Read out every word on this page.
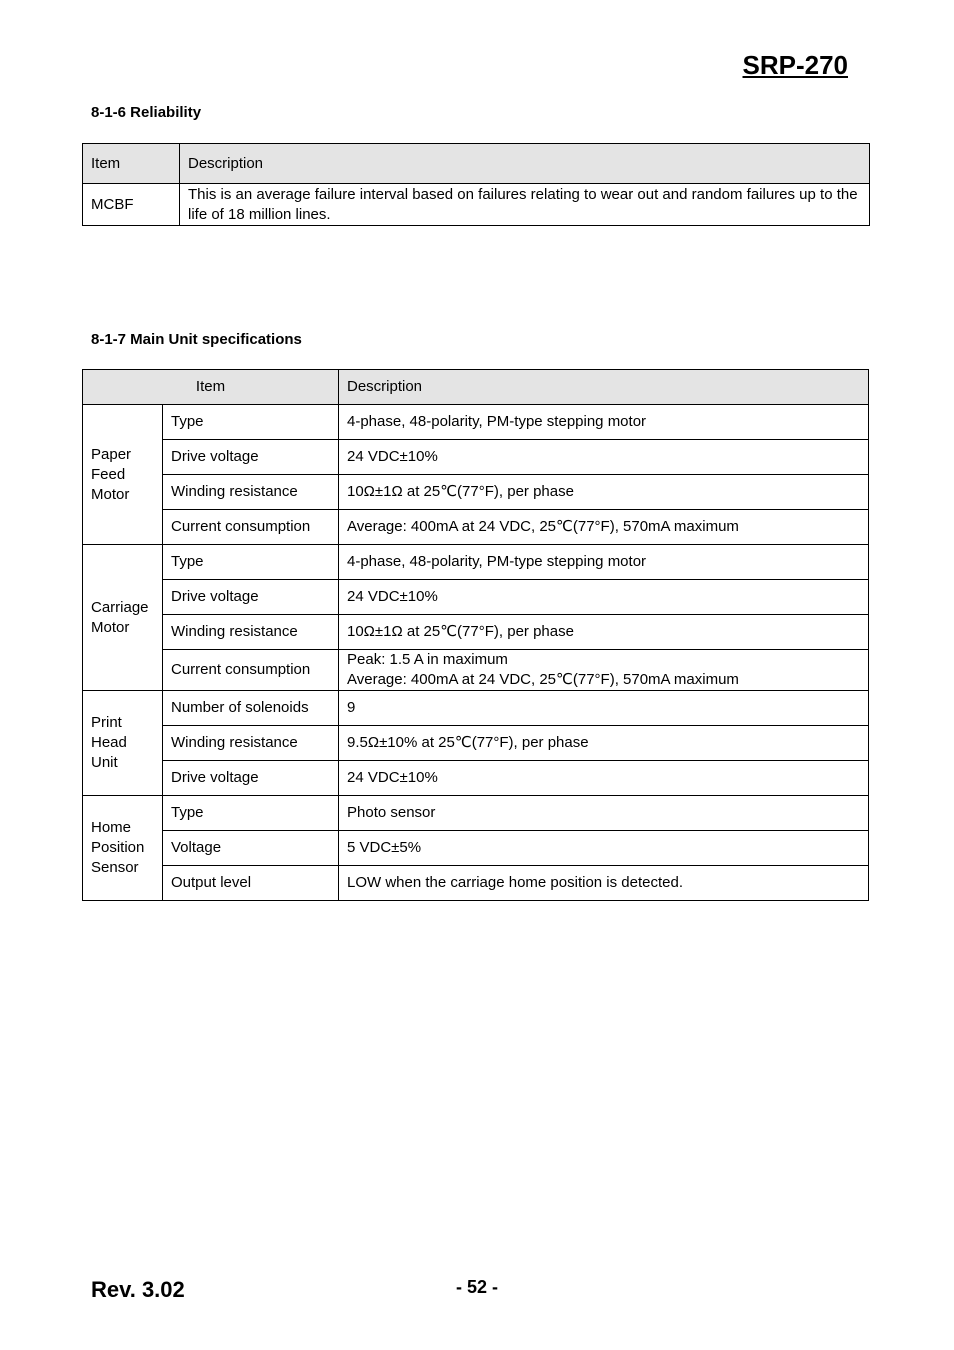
SRP-270
8-1-6 Reliability
Item	Description
MCBF	This is an average failure interval based on failures relating to wear out and random failures up to the life of 18 million lines.
8-1-7 Main Unit specifications
Item		Description
Paper Feed Motor	Type	4-phase, 48-polarity, PM-type stepping motor
	Drive voltage	24 VDC±10%
	Winding resistance	10Ω±1Ω at 25℃(77°F), per phase
	Current consumption	Average: 400mA at 24 VDC, 25℃(77°F), 570mA maximum
Carriage Motor	Type	4-phase, 48-polarity, PM-type stepping motor
	Drive voltage	24 VDC±10%
	Winding resistance	10Ω±1Ω at 25℃(77°F), per phase
	Current consumption	Peak: 1.5 A in maximum
Average: 400mA at 24 VDC, 25℃(77°F), 570mA maximum

Print Head Unit	Number of solenoids	9
	Winding resistance	9.5Ω±10% at 25℃(77°F), per phase
	Drive voltage	24 VDC±10%
Home Position Sensor	Type	Photo sensor
	Voltage	5 VDC±5%
	Output level	LOW when the carriage home position is detected.
Rev. 3.02	- 52 -
